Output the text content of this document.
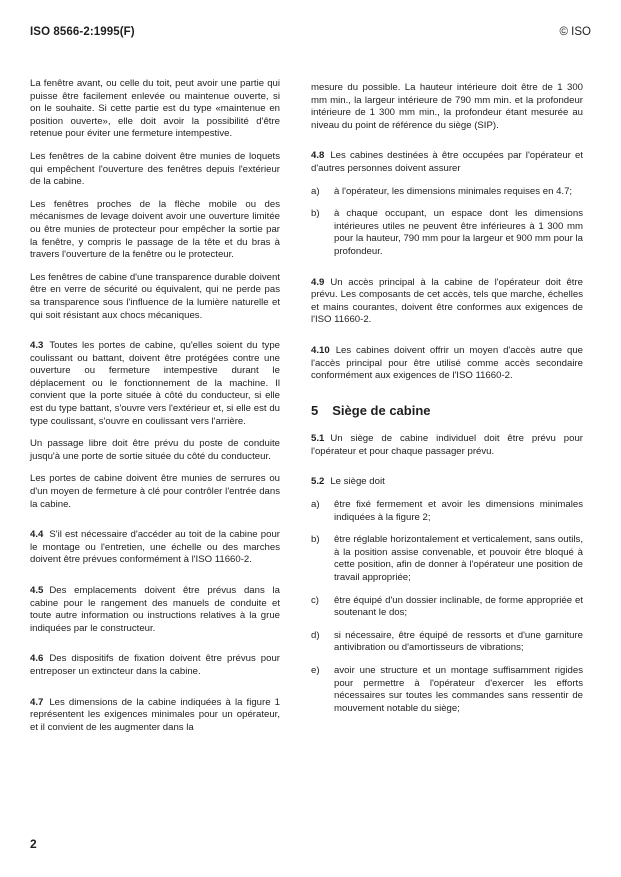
ISO 8566-2:1995(F)	© ISO

La fenêtre avant, ou celle du toit, peut avoir une partie qui puisse être facilement enlevée ou maintenue ouverte, si on le souhaite. Si cette partie est du type «maintenue en position ouverte», elle doit avoir la possibilité d'être retenue pour éviter une fermeture intempestive.

Les fenêtres de la cabine doivent être munies de loquets qui empêchent l'ouverture des fenêtres depuis l'extérieur de la cabine.

Les fenêtres proches de la flèche mobile ou des mécanismes de levage doivent avoir une ouverture limitée ou être munies de protecteur pour empêcher la sortie par la fenêtre, y compris le passage de la tête et du bras à travers l'ouverture de la fenêtre ou le protecteur.

Les fenêtres de cabine d'une transparence durable doivent être en verre de sécurité ou équivalent, qui ne perde pas sa transparence sous l'influence de la lumière naturelle et qui soit résistant aux chocs mécaniques.

4.3 Toutes les portes de cabine, qu'elles soient du type coulissant ou battant, doivent être protégées contre une ouverture ou fermeture intempestive durant le déplacement ou le fonctionnement de la machine. Il convient que la porte située à côté du conducteur, si elle est du type battant, s'ouvre vers l'extérieur et, si elle est du type coulissant, s'ouvre en coulissant vers l'arrière.

Un passage libre doit être prévu du poste de conduite jusqu'à une porte de sortie située du côté du conducteur.

Les portes de cabine doivent être munies de serrures ou d'un moyen de fermeture à clé pour contrôler l'entrée dans la cabine.

4.4 S'il est nécessaire d'accéder au toit de la cabine pour le montage ou l'entretien, une échelle ou des marches doivent être prévues conformément à l'ISO 11660-2.

4.5 Des emplacements doivent être prévus dans la cabine pour le rangement des manuels de conduite et toute autre information ou instructions relatives à la grue indiquées par le constructeur.

4.6 Des dispositifs de fixation doivent être prévus pour entreposer un extincteur dans la cabine.

4.7 Les dimensions de la cabine indiquées à la figure 1 représentent les exigences minimales pour un opérateur, et il convient de les augmenter dans la

mesure du possible. La hauteur intérieure doit être de 1 300 mm min., la largeur intérieure de 790 mm min. et la profondeur intérieure de 1 300 mm min., la profondeur étant mesurée au niveau du point de référence du siège (SIP).

4.8 Les cabines destinées à être occupées par l'opérateur et d'autres personnes doivent assurer

a)	à l'opérateur, les dimensions minimales requises en 4.7;
b)	à chaque occupant, un espace dont les dimensions intérieures utiles ne peuvent être inférieures à 1 300 mm pour la hauteur, 790 mm pour la largeur et 900 mm pour la profondeur.

4.9 Un accès principal à la cabine de l'opérateur doit être prévu. Les composants de cet accès, tels que marche, échelles et mains courantes, doivent être conformes aux exigences de l'ISO 11660-2.

4.10 Les cabines doivent offrir un moyen d'accès autre que l'accès principal pour être utilisé comme accès secondaire conformément aux exigences de l'ISO 11660-2.

5 Siège de cabine

5.1 Un siège de cabine individuel doit être prévu pour l'opérateur et pour chaque passager prévu.

5.2 Le siège doit

a)	être fixé fermement et avoir les dimensions minimales indiquées à la figure 2;
b)	être réglable horizontalement et verticalement, sans outils, à la position assise convenable, et pouvoir être bloqué à cette position, afin de donner à l'opérateur une position de travail appropriée;
c)	être équipé d'un dossier inclinable, de forme appropriée et soutenant le dos;
d)	si nécessaire, être équipé de ressorts et d'une garniture antivibration ou d'amortisseurs de vibrations;
e)	avoir une structure et un montage suffisamment rigides pour permettre à l'opérateur d'exercer les efforts nécessaires sur toutes les commandes sans ressentir de mouvement notable du siège;
2
